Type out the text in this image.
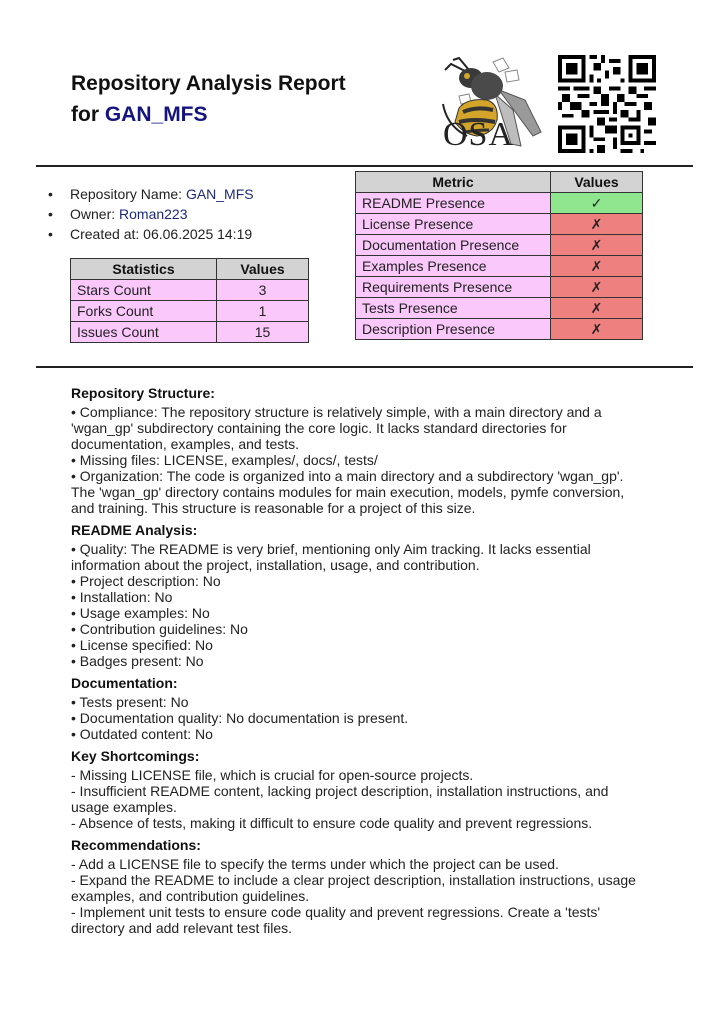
Repository Analysis Report
for GAN_MFS
OSA
• Repository Name: GAN_MFS
• Owner: Roman223
• Created at: 06.06.2025 14:19
Statistics	Values
Stars Count	3
Forks Count	1
Issues Count	15
Metric	Values
README Presence	✓
License Presence	✗
Documentation Presence	✗
Examples Presence	✗
Requirements Presence	✗
Tests Presence	✗
Description Presence	✗
Repository Structure:

• Compliance: The repository structure is relatively simple, with a main directory and a 'wgan_gp' subdirectory containing the core logic. It lacks standard directories for documentation, examples, and tests.

• Missing files: LICENSE, examples/, docs/, tests/

• Organization: The code is organized into a main directory and a subdirectory 'wgan_gp'. The 'wgan_gp' directory contains modules for main execution, models, pymfe conversion, and training. This structure is reasonable for a project of this size.

README Analysis:

• Quality: The README is very brief, mentioning only Aim tracking. It lacks essential information about the project, installation, usage, and contribution.

• Project description: No

• Installation: No

• Usage examples: No

• Contribution guidelines: No

• License specified: No

• Badges present: No

Documentation:

• Tests present: No

• Documentation quality: No documentation is present.

• Outdated content: No

Key Shortcomings:

- Missing LICENSE file, which is crucial for open-source projects.

- Insufficient README content, lacking project description, installation instructions, and usage examples.

- Absence of tests, making it difficult to ensure code quality and prevent regressions.

Recommendations:

- Add a LICENSE file to specify the terms under which the project can be used.

- Expand the README to include a clear project description, installation instructions, usage examples, and contribution guidelines.

- Implement unit tests to ensure code quality and prevent regressions. Create a 'tests' directory and add relevant test files.
